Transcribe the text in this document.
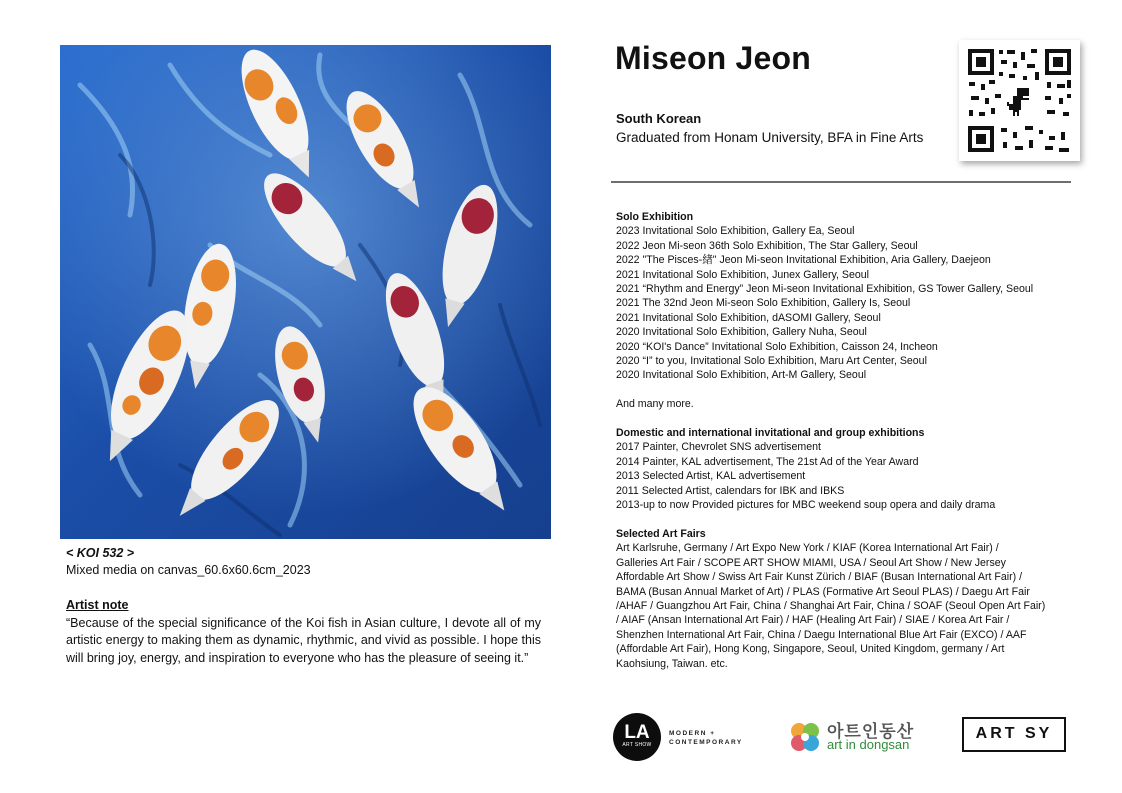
< KOI 532 >
Mixed media on canvas_60.6x60.6cm_2023
Artist note
“Because of the special significance of the Koi fish in Asian culture, I devote all of my artistic energy to making them as dynamic, rhythmic, and vivid as possible. I hope this will bring joy, energy, and inspiration to everyone who has the pleasure of seeing it.”
Miseon Jeon
South Korean
Graduated from Honam University, BFA in Fine Arts

Solo Exhibition

2023 Invitational Solo Exhibition, Gallery Ea, Seoul

2022 Jeon Mi-seon 36th Solo Exhibition, The Star Gallery, Seoul

2022 "The Pisces-緖" Jeon Mi-seon Invitational Exhibition, Aria Gallery, Daejeon

2021 Invitational Solo Exhibition, Junex Gallery, Seoul

2021 “Rhythm and Energy” Jeon Mi-seon Invitational Exhibition, GS Tower Gallery, Seoul

2021 The 32nd Jeon Mi-seon Solo Exhibition, Gallery Is, Seoul

2021 Invitational Solo Exhibition, dASOMI Gallery, Seoul

2020 Invitational Solo Exhibition, Gallery Nuha, Seoul

2020 “KOI's Dance” Invitational Solo Exhibition, Caisson 24, Incheon

2020 “I” to you, Invitational Solo Exhibition, Maru Art Center, Seoul

2020 Invitational Solo Exhibition, Art-M Gallery, Seoul

And many more.

Domestic and international invitational and group exhibitions

2017 Painter, Chevrolet SNS advertisement

2014 Painter, KAL advertisement, The 21st Ad of the Year Award

2013 Selected Artist, KAL advertisement

2011 Selected Artist, calendars for IBK and IBKS

2013-up to now Provided pictures for MBC weekend soup opera and daily drama

Selected Art Fairs

Art Karlsruhe, Germany / Art Expo New York / KIAF (Korea International Art Fair) /

Galleries Art Fair / SCOPE ART SHOW MIAMI, USA / Seoul Art Show / New Jersey

Affordable Art Show / Swiss Art Fair Kunst Zürich / BIAF (Busan International Art Fair) /

BAMA (Busan Annual Market of Art) / PLAS (Formative Art Seoul PLAS) / Daegu Art Fair

/AHAF / Guangzhou Art Fair, China / Shanghai Art Fair, China / SOAF (Seoul Open Art Fair)

/ AIAF (Ansan International Art Fair) / HAF (Healing Art Fair) / SIAE / Korea Art Fair /

Shenzhen International Art Fair, China / Daegu International Blue Art Fair (EXCO) / AAF

(Affordable Art Fair), Hong Kong, Singapore, Seoul, United Kingdom, germany / Art

Kaohsiung, Taiwan. etc.

LA
ART SHOW
MODERN +
CONTEMPORARY
아트인동산
art in dongsan
ART SY
